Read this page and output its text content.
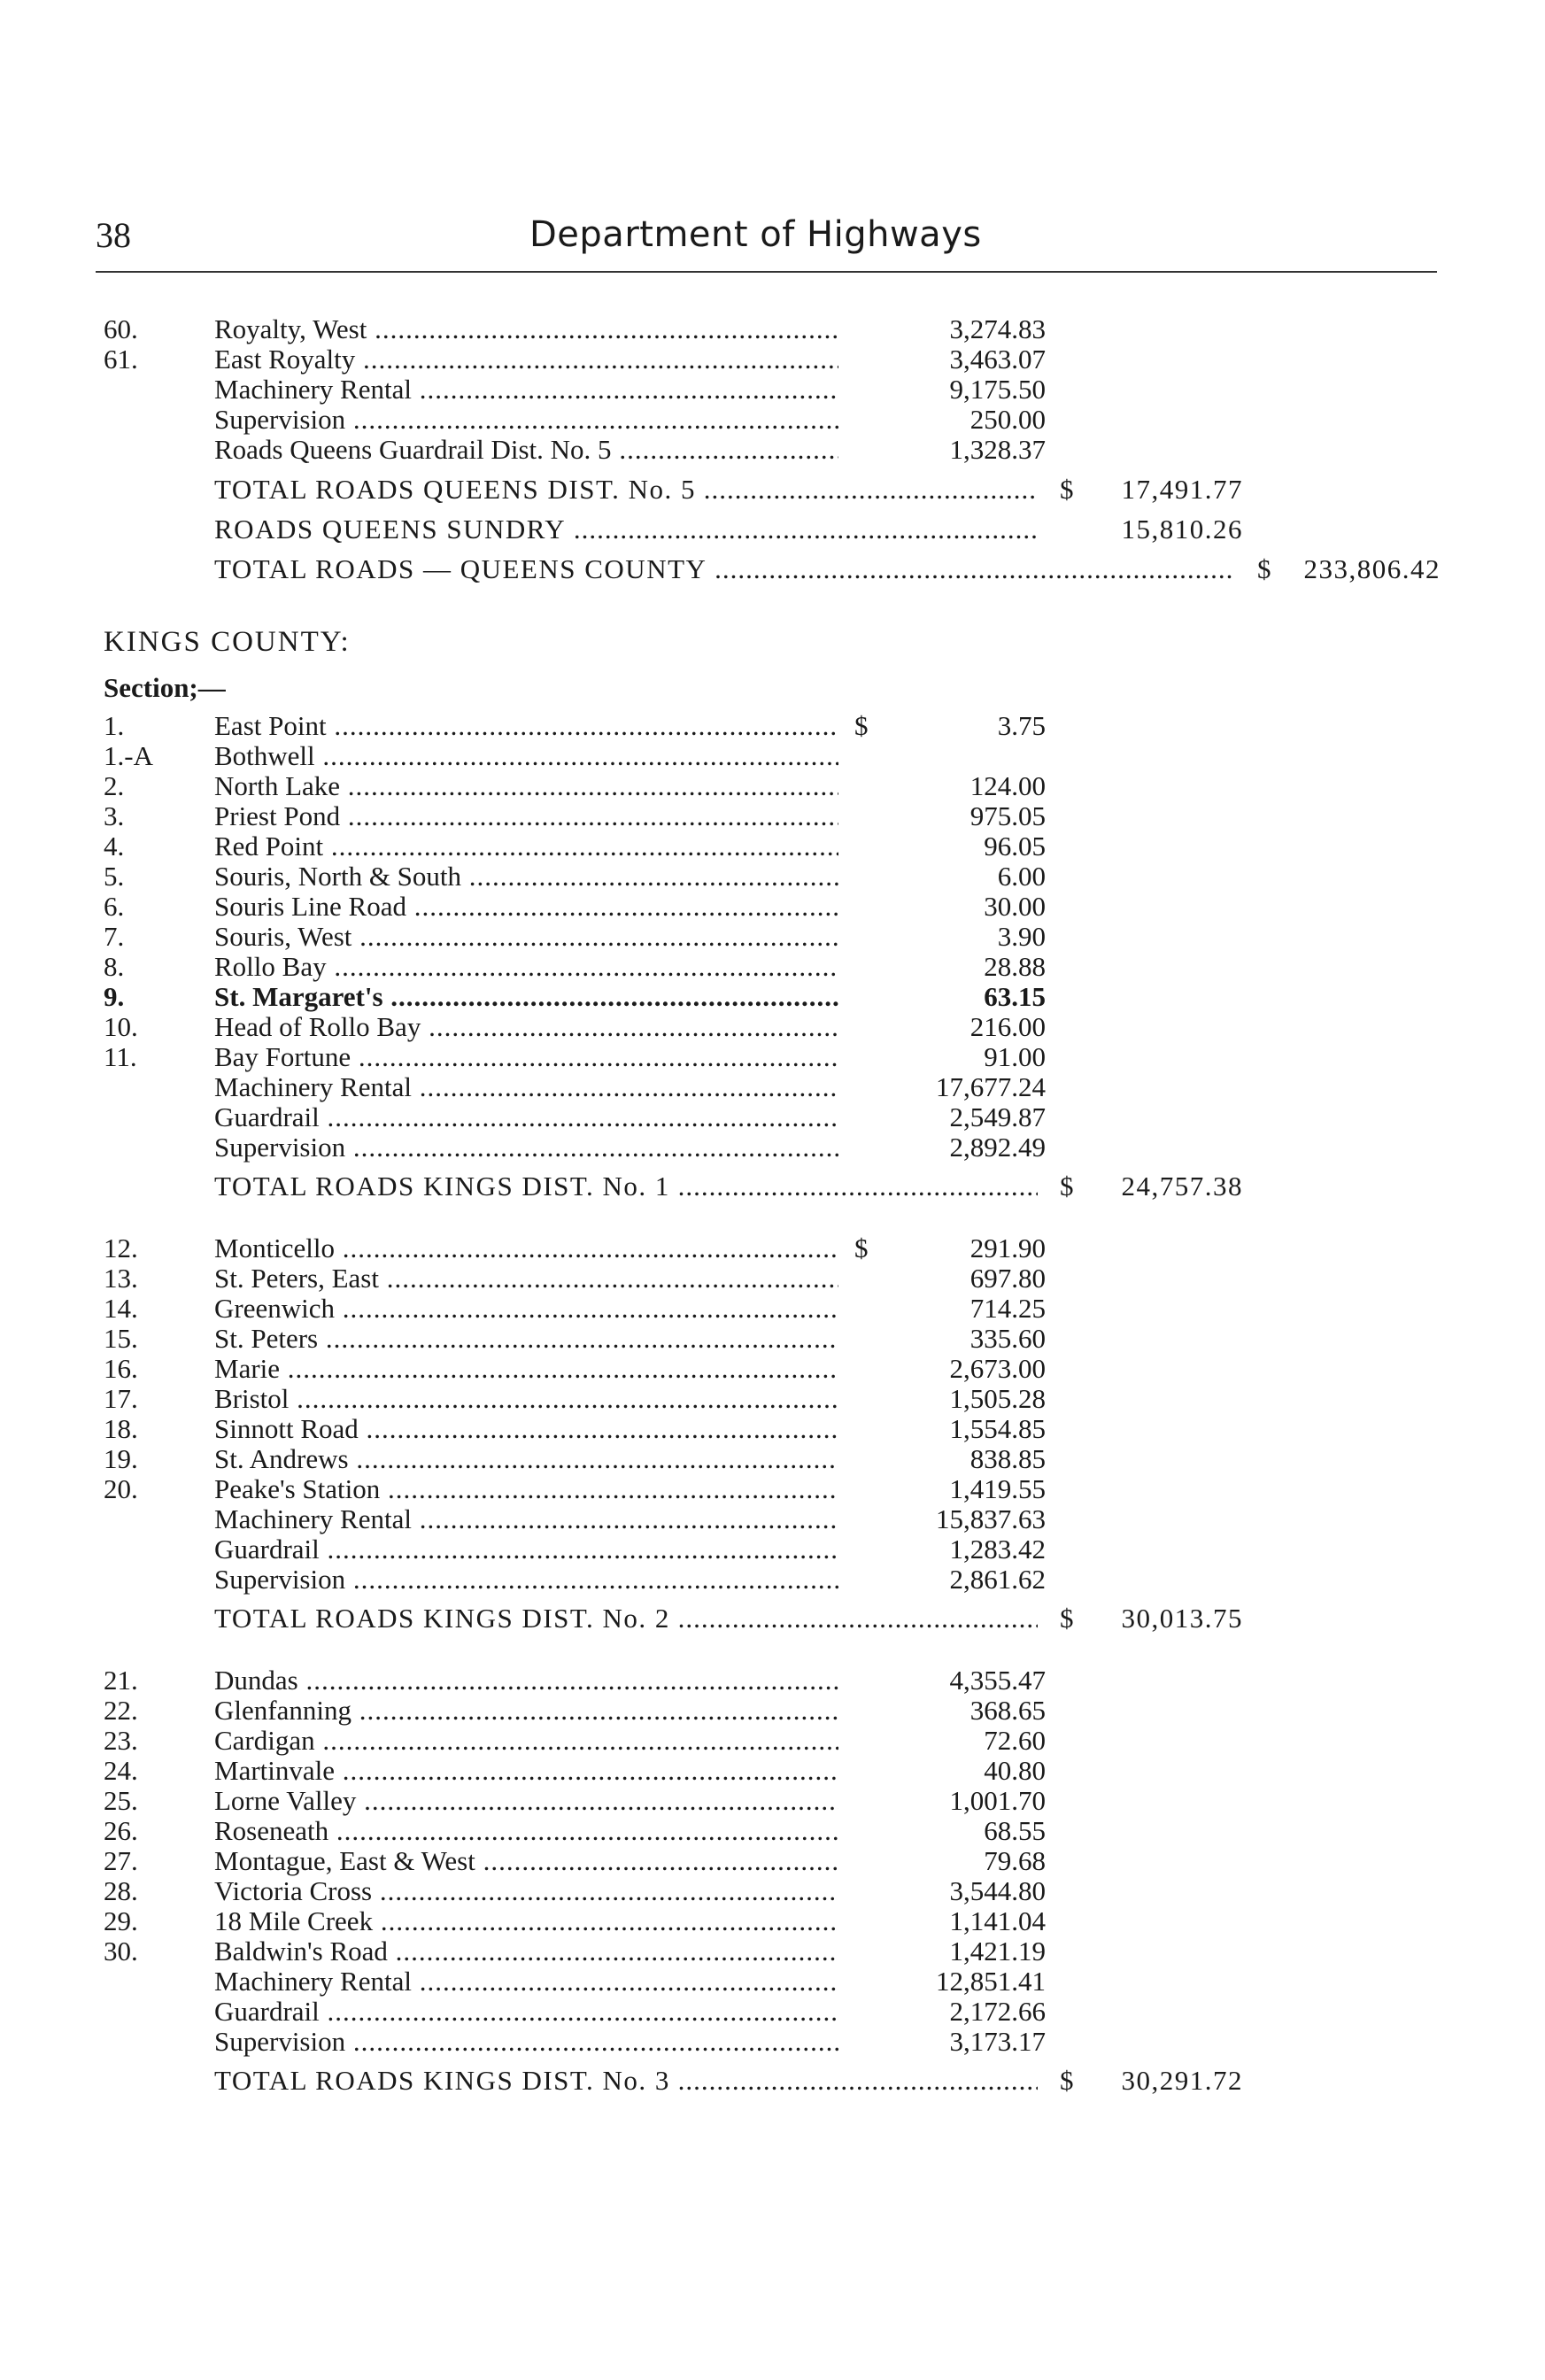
38	Department of Highways
60.	Royalty, West .....	3,274.83
61.	East Royalty .....	3,463.07
Machinery Rental .....	9,175.50
Supervision .....	250.00
Roads Queens Guardrail Dist. No. 5 .....	1,328.37
TOTAL ROADS QUEENS DIST. No. 5 .....	$ 17,491.77
ROADS QUEENS SUNDRY .....	15,810.26
TOTAL ROADS — QUEENS COUNTY .....	$ 233,806.42
KINGS COUNTY:
Section;—
1.	East Point .....	$	3.75
1.-A Bothwell .....
2.	North Lake .....	124.00
3.	Priest Pond .....	975.05
4.	Red Point .....	96.05
5.	Souris, North & South .....	6.00
6.	Souris Line Road .....	30.00
7.	Souris, West .....	3.90
8.	Rollo Bay .....	28.88
9.	St. Margaret's .....	63.15
10.	Head of Rollo Bay .....	216.00
11.	Bay Fortune .....	91.00
Machinery Rental .....	17,677.24
Guardrail .....	2,549.87
Supervision .....	2,892.49
TOTAL ROADS KINGS DIST. No. 1 .....	$ 24,757.38
12.	Monticello .....	$	291.90
13.	St. Peters, East .....	697.80
14.	Greenwich .....	714.25
15.	St. Peters .....	335.60
16.	Marie .....	2,673.00
17.	Bristol .....	1,505.28
18.	Sinnott Road .....	1,554.85
19.	St. Andrews .....	838.85
20.	Peake's Station .....	1,419.55
Machinery Rental .....	15,837.63
Guardrail .....	1,283.42
Supervision .....	2,861.62
TOTAL ROADS KINGS DIST. No. 2 .....	$ 30,013.75
21.	Dundas .....	4,355.47
22.	Glenfanning .....	368.65
23.	Cardigan .....	72.60
24.	Martinvale .....	40.80
25.	Lorne Valley .....	1,001.70
26.	Roseneath .....	68.55
27.	Montague, East & West .....	79.68
28.	Victoria Cross .....	3,544.80
29.	18 Mile Creek .....	1,141.04
30.	Baldwin's Road .....	1,421.19
Machinery Rental .....	12,851.41
Guardrail .....	2,172.66
Supervision .....	3,173.17
TOTAL ROADS KINGS DIST. No. 3 .....	$ 30,291.72
